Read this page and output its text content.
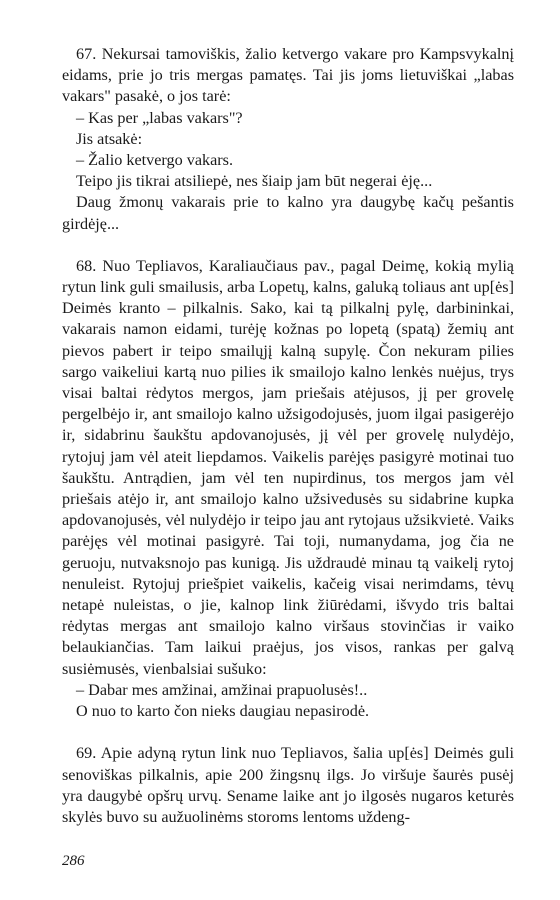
67. Nekursai tamoviškis, žalio ketvergo vakare pro Kampsvykalnį eidams, prie jo tris mergas pamatęs. Tai jis joms lietuviškai „labas vakars" pasakė, o jos tarė:

– Kas per „labas vakars"?

Jis atsakė:

– Žalio ketvergo vakars.

Teipo jis tikrai atsiliepė, nes šiaip jam būt negerai ėję...

Daug žmonų vakarais prie to kalno yra daugybę kačų pešantis girdėję...

68. Nuo Tepliavos, Karaliaučiaus pav., pagal Deimę, kokią mylią rytun link guli smailusis, arba Lopetų, kalns, galuką toliaus ant up[ės] Deimės kranto – pilkalnis. Sako, kai tą pilkalnį pylę, darbininkai, vakarais namon eidami, turėję kožnas po lopetą (spatą) žemių ant pievos pabert ir teipo smailųjį kalną supylę. Čon nekuram pilies sargo vaikeliui kartą nuo pilies ik smailojo kalno lenkės nuėjus, trys visai baltai rėdytos mergos, jam priešais atėjusos, jį per grovelę pergelbėjo ir, ant smailojo kalno užsigodojusės, juom ilgai pasigerėjo ir, sidabrinu šaukštu apdovanojusės, jį vėl per grovelę nulydėjo, rytojuj jam vėl ateit liepdamos. Vaikelis parėjęs pasigyrė motinai tuo šaukštu. Antrądien, jam vėl ten nupirdinus, tos mergos jam vėl priešais atėjo ir, ant smailojo kalno užsivedusės su sidabrine kupka apdovanojusės, vėl nulydėjo ir teipo jau ant rytojaus užsikvietė. Vaiks parėjęs vėl motinai pasigyrė. Tai toji, numanydama, jog čia ne geruoju, nutvaksnojo pas kunigą. Jis uždraudė minau tą vaikelį rytoj nenuleist. Rytojuj priešpiet vaikelis, kačeig visai nerimdams, tėvų netapė nuleistas, o jie, kalnop link žiūrėdami, išvydo tris baltai rėdytas mergas ant smailojo kalno viršaus stovinčias ir vaiko belaukiančias. Tam laikui praėjus, jos visos, rankas per galvą susiėmusės, vienbalsiai sušuko:

– Dabar mes amžinai, amžinai prapuolusės!..

O nuo to karto čon nieks daugiau nepasirodė.

69. Apie adyną rytun link nuo Tepliavos, šalia up[ės] Deimės guli senoviškas pilkalnis, apie 200 žingsnų ilgs. Jo viršuje šaurės pusėj yra daugybė opšrų urvų. Sename laike ant jo ilgosės nugaros keturės skylės buvo su aužuolinėms storoms lentoms uždeng-

286
